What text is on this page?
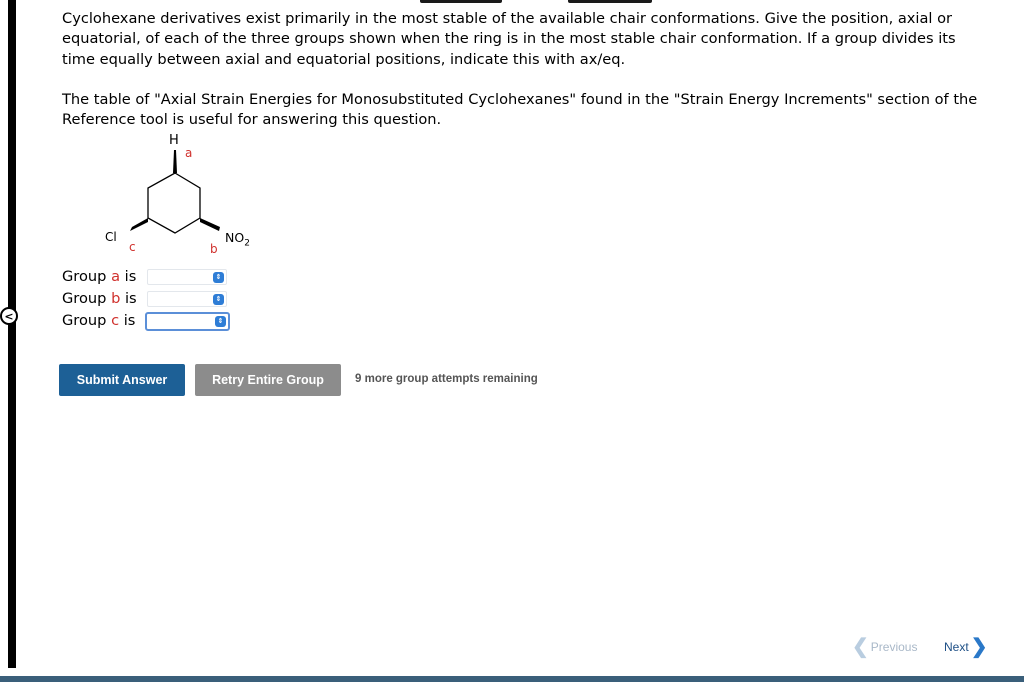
<

Cyclohexane derivatives exist primarily in the most stable of the available chair conformations. Give the position, axial or equatorial, of each of the three groups shown when the ring is in the most stable chair conformation. If a group divides its time equally between axial and equatorial positions, indicate this with ax/eq.

The table of "Axial Strain Energies for Monosubstituted Cyclohexanes" found in the "Strain Energy Increments" section of the Reference tool is useful for answering this question.

H
a
Cl
c
$NO_2$
b
Group a is	⇕
Group b is	⇕
Group c is	⇕
Submit Answer	Retry Entire Group	9 more group attempts remaining
❮ Previous Next ❯
